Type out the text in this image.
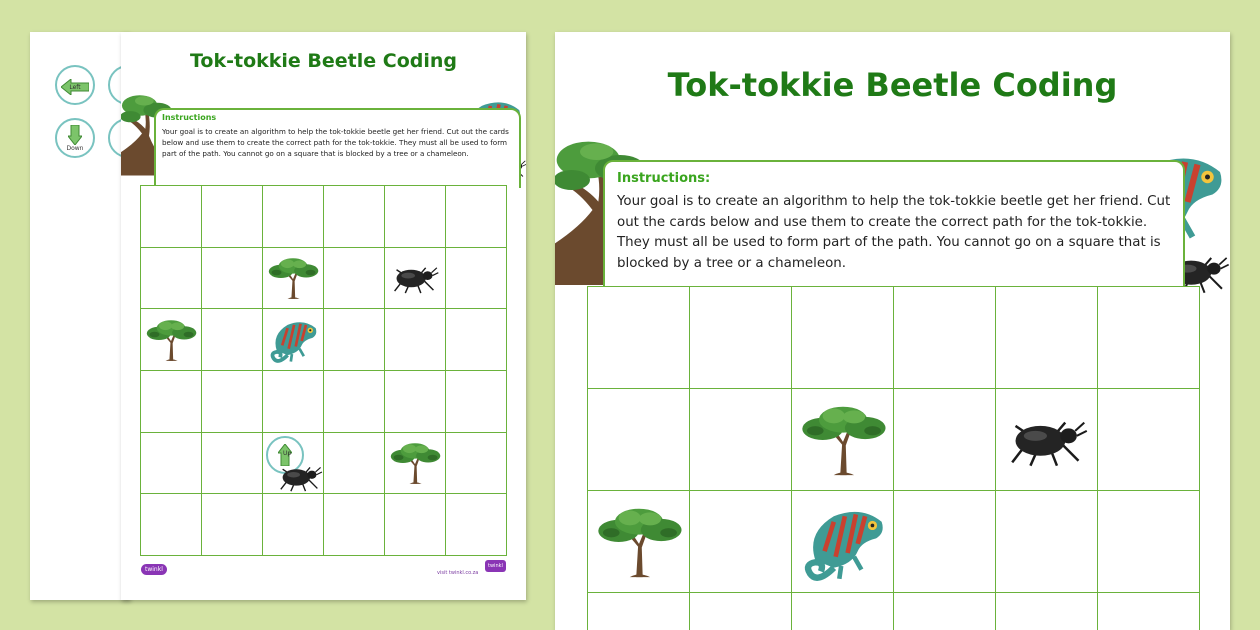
Left
Down
Tok-tokkie Beetle Coding
Instructions

Your goal is to create an algorithm to help the tok-tokkie beetle get her friend. Cut out the cards below and use them to create the correct path for the tok-tokkie. They must all be used to form part of the path. You cannot go on a square that is blocked by a tree or a chameleon.

Up
twinkl	visit twinkl.co.za
twinkl
Tok-tokkie Beetle Coding
Instructions:

Your goal is to create an algorithm to help the tok-tokkie beetle get her friend. Cut out the cards below and use them to create the correct path for the tok-tokkie. They must all be used to form part of the path. You cannot go on a square that is blocked by a tree or a chameleon.
